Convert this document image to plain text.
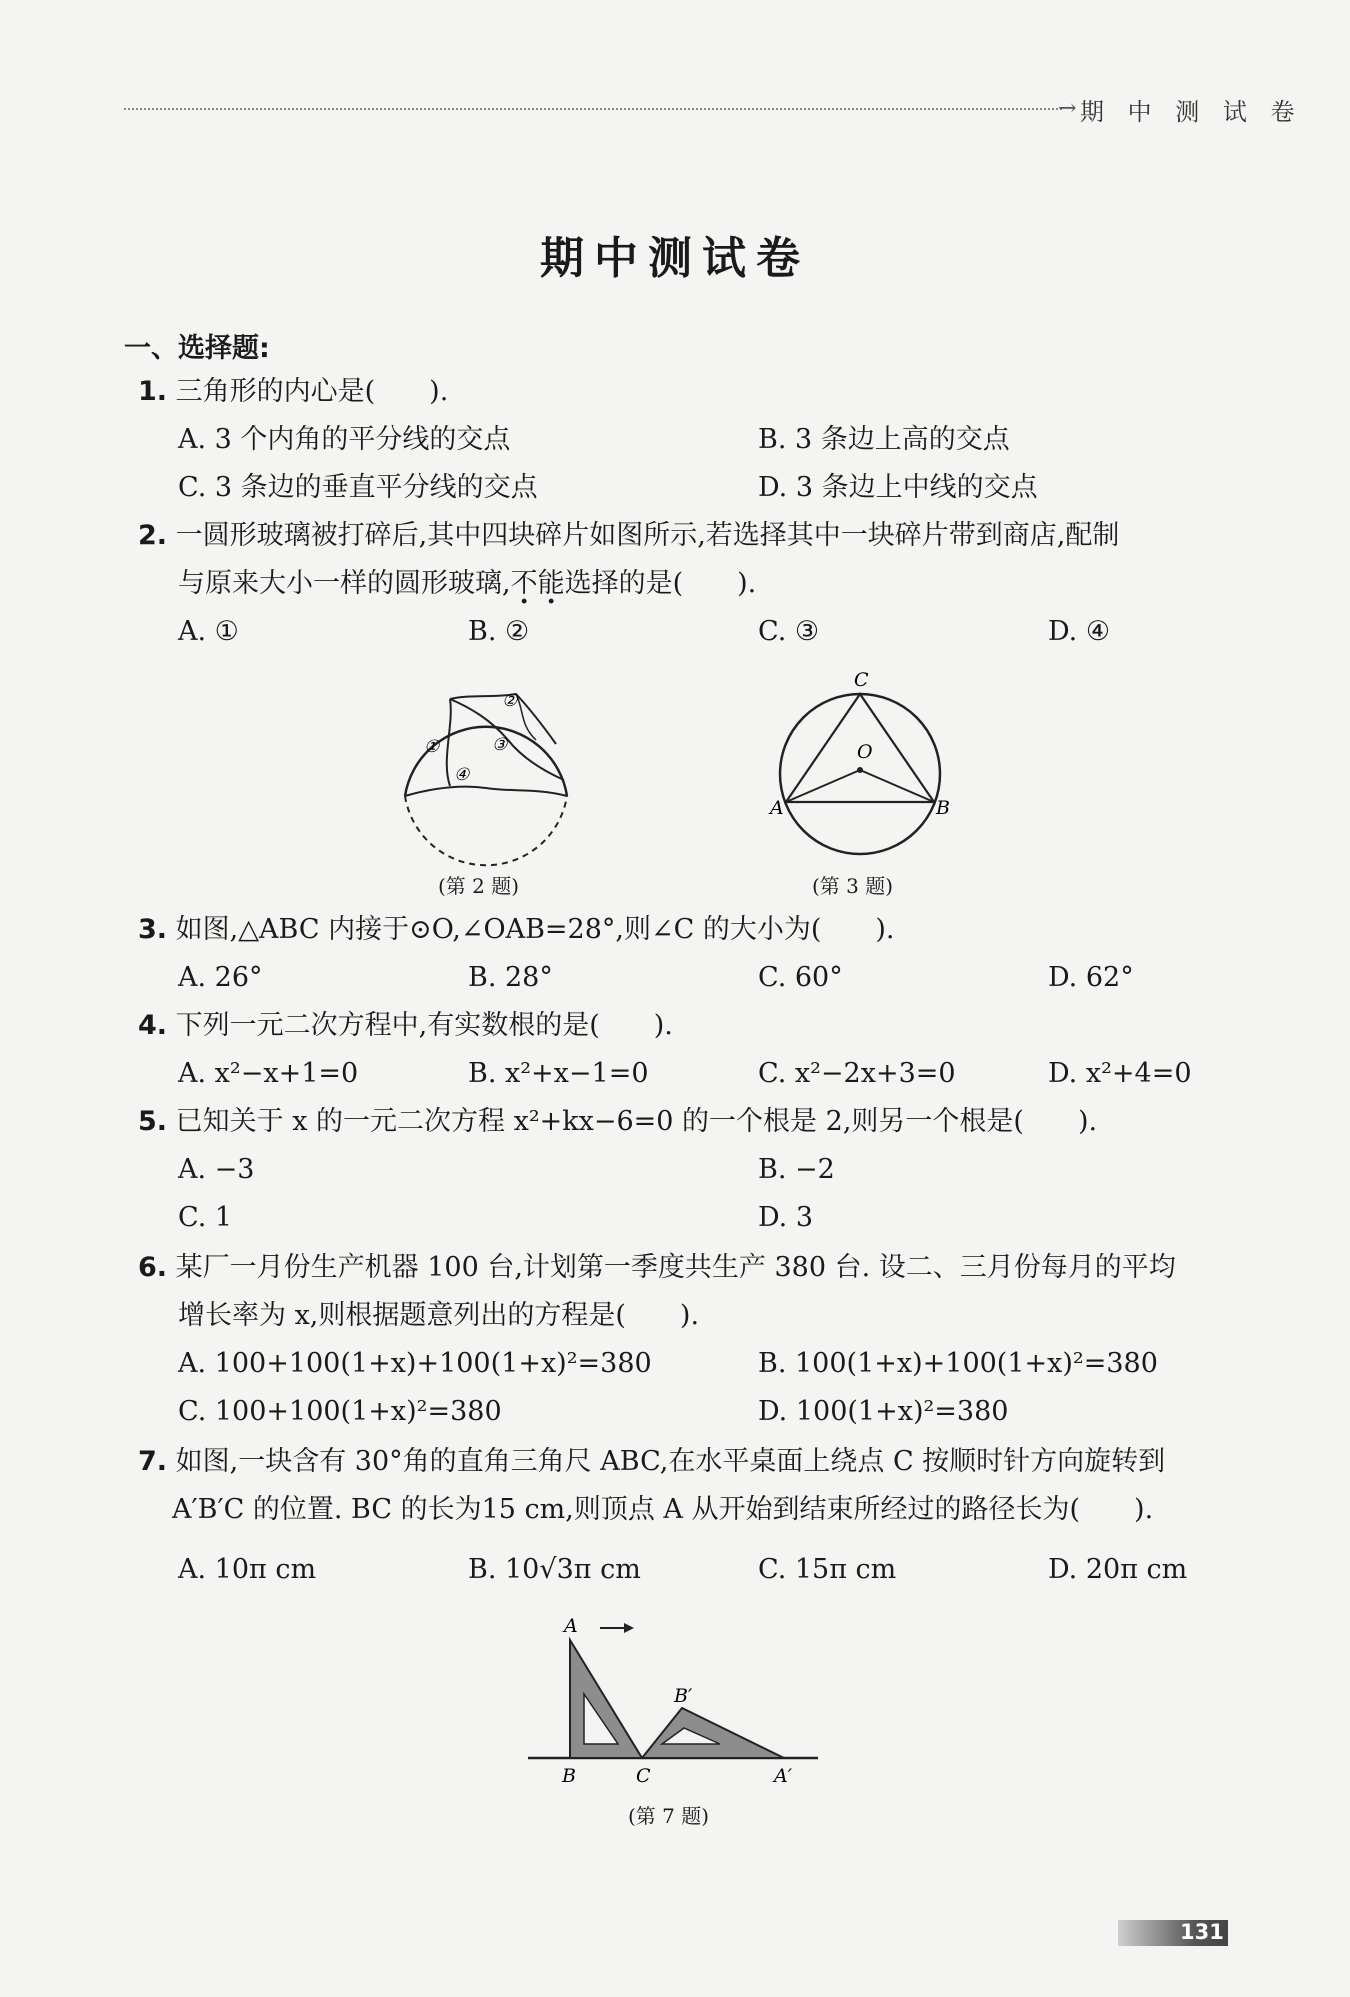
→ 期 中 测 试 卷
期中测试卷
一、选择题:
1. 三角形的内心是(　　).
A. 3 个内角的平分线的交点	B. 3 条边上高的交点
C. 3 条边的垂直平分线的交点	D. 3 条边上中线的交点
2. 一圆形玻璃被打碎后,其中四块碎片如图所示,若选择其中一块碎片带到商店,配制
与原来大小一样的圆形玻璃,不能选择的是(　　).
A. ①	B. ②	C. ③	D. ④
①
②
③
④
(第 2 题)
C
O
A	B
(第 3 题)
3. 如图,△ABC 内接于⊙O,∠OAB=28°,则∠C 的大小为(　　).
A. 26°	B. 28°	C. 60°	D. 62°
4. 下列一元二次方程中,有实数根的是(　　).
A. x²−x+1=0	B. x²+x−1=0	C. x²−2x+3=0	D. x²+4=0
5. 已知关于 x 的一元二次方程 x²+kx−6=0 的一个根是 2,则另一个根是(　　).
A. −3	B. −2
C. 1	D. 3
6. 某厂一月份生产机器 100 台,计划第一季度共生产 380 台. 设二、三月份每月的平均
增长率为 x,则根据题意列出的方程是(　　).
A. 100+100(1+x)+100(1+x)²=380	B. 100(1+x)+100(1+x)²=380
C. 100+100(1+x)²=380	D. 100(1+x)²=380
7. 如图,一块含有 30°角的直角三角尺 ABC,在水平桌面上绕点 C 按顺时针方向旋转到
A′B′C 的位置. BC 的长为15 cm,则顶点 A 从开始到结束所经过的路径长为(　　).
A. 10π cm	B. 10√3π cm	C. 15π cm	D. 20π cm
A
B	C	A′
B′
(第 7 题)
131
